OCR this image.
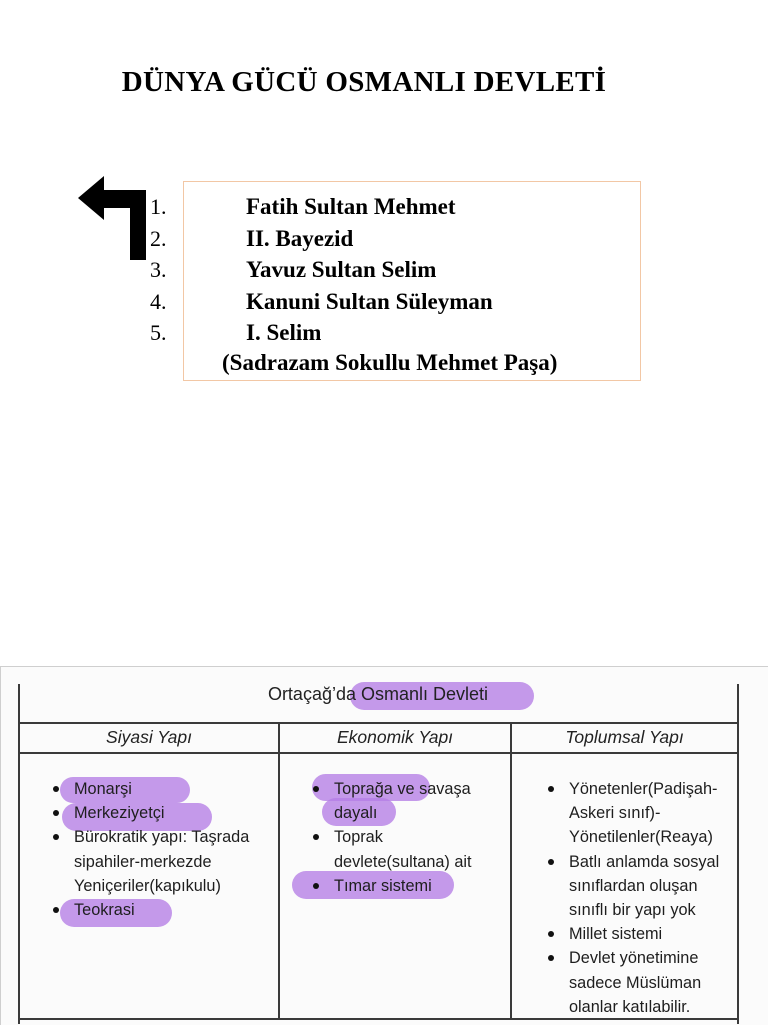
DÜNYA GÜCÜ OSMANLI DEVLETİ
1.
2.
3.
4.
5.
Fatih Sultan Mehmet
II. Bayezid
Yavuz Sultan Selim
Kanuni Sultan Süleyman
I. Selim
(Sadrazam Sokullu Mehmet Paşa)
Ortaçağ’da Osmanlı Devleti
Siyasi Yapı	Ekonomik Yapı	Toplumsal Yapı
Monarşi
Merkeziyetçi
Bürokratik yapı: Taşrada
sipahiler-merkezde
Yeniçeriler(kapıkulu)
Teokrasi
Toprağa ve savaşa
dayalı
Toprak
devlete(sultana) ait
Tımar sistemi
Yönetenler(Padişah-
Askeri sınıf)-
Yönetilenler(Reaya)
Batlı anlamda sosyal
sınıflardan oluşan
sınıflı bir yapı yok
Millet sistemi
Devlet yönetimine
sadece Müslüman
olanlar katılabilir.
